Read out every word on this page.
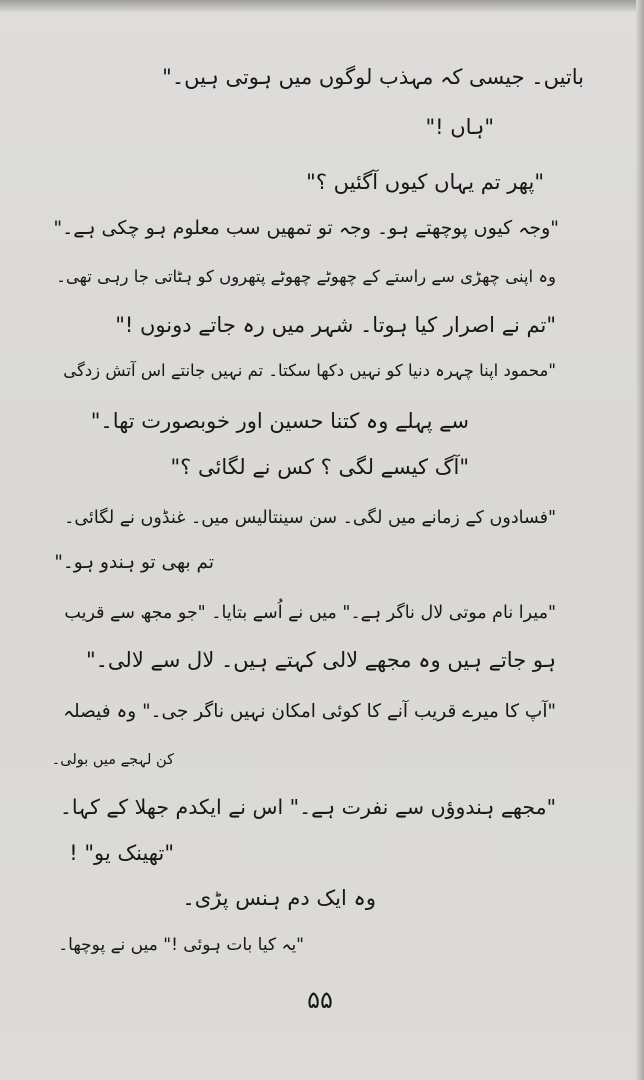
باتیں۔ جیسی کہ مہذب لوگوں میں ہوتی ہیں۔"
"ہاں !"
"پھر تم یہاں کیوں آگئیں ؟"
"وجہ کیوں پوچھتے ہو۔ وجہ تو تمھیں سب معلوم ہو چکی ہے۔"
وہ اپنی چھڑی سے راستے کے چھوٹے چھوٹے پتھروں کو ہٹاتی جا رہی تھی۔
"تم نے اصرار کیا ہوتا۔ شہر میں رہ جاتے دونوں !"
"محمود اپنا چہرہ دنیا کو نہیں دکھا سکتا۔ تم نہیں جانتے اس آتش زدگی
سے پہلے وہ کتنا حسین اور خوبصورت تھا۔"
"آگ کیسے لگی ؟ کس نے لگائی ؟"
"فسادوں کے زمانے میں لگی۔ سن سینتالیس میں۔ غنڈوں نے لگائی۔
تم بھی تو ہندو ہو۔"
"میرا نام موتی لال ناگر ہے۔" میں نے اُسے بتایا۔ "جو مجھ سے قریب
ہو جاتے ہیں وہ مجھے لالی کہتے ہیں۔ لال سے لالی۔"
"آپ کا میرے قریب آنے کا کوئی امکان نہیں ناگر جی۔" وہ فیصلہ
کن لہجے میں بولی۔
"مجھے ہندوؤں سے نفرت ہے۔" اس نے ایکدم جھلا کے کہا۔
"تھینک یو" !
وہ ایک دم ہنس پڑی۔
"یہ کیا بات ہوئی !" میں نے پوچھا۔
۵۵
